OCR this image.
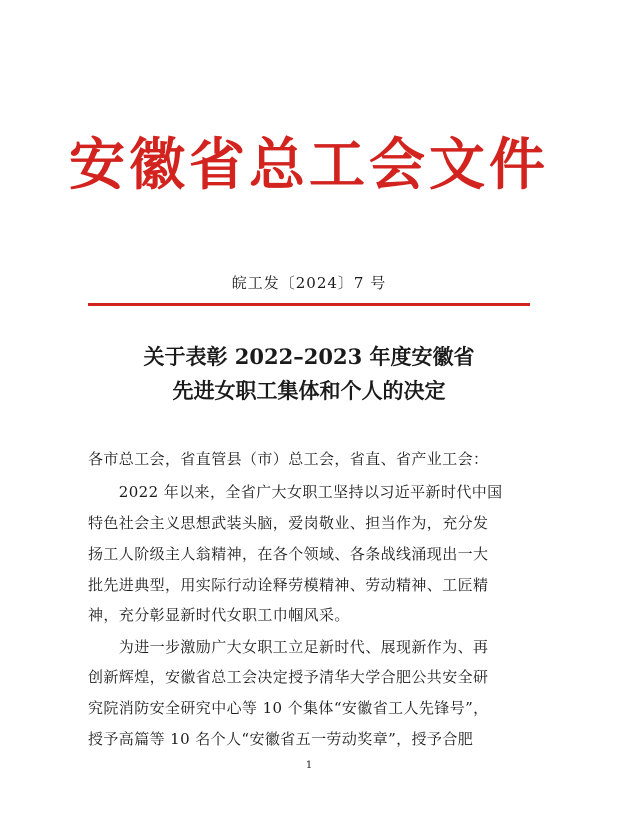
安徽省总工会文件
皖工发〔2024〕7 号
关于表彰 2022–2023 年度安徽省
先进女职工集体和个人的决定
各市总工会，省直管县（市）总工会，省直、省产业工会：
　　2022 年以来，全省广大女职工坚持以习近平新时代中国
特色社会主义思想武装头脑，爱岗敬业、担当作为，充分发
扬工人阶级主人翁精神，在各个领域、各条战线涌现出一大
批先进典型，用实际行动诠释劳模精神、劳动精神、工匠精
神，充分彰显新时代女职工巾帼风采。
　　为进一步激励广大女职工立足新时代、展现新作为、再
创新辉煌，安徽省总工会决定授予清华大学合肥公共安全研
究院消防安全研究中心等 10 个集体“安徽省工人先锋号”，
授予高篇等 10 名个人“安徽省五一劳动奖章”，授予合肥
1
